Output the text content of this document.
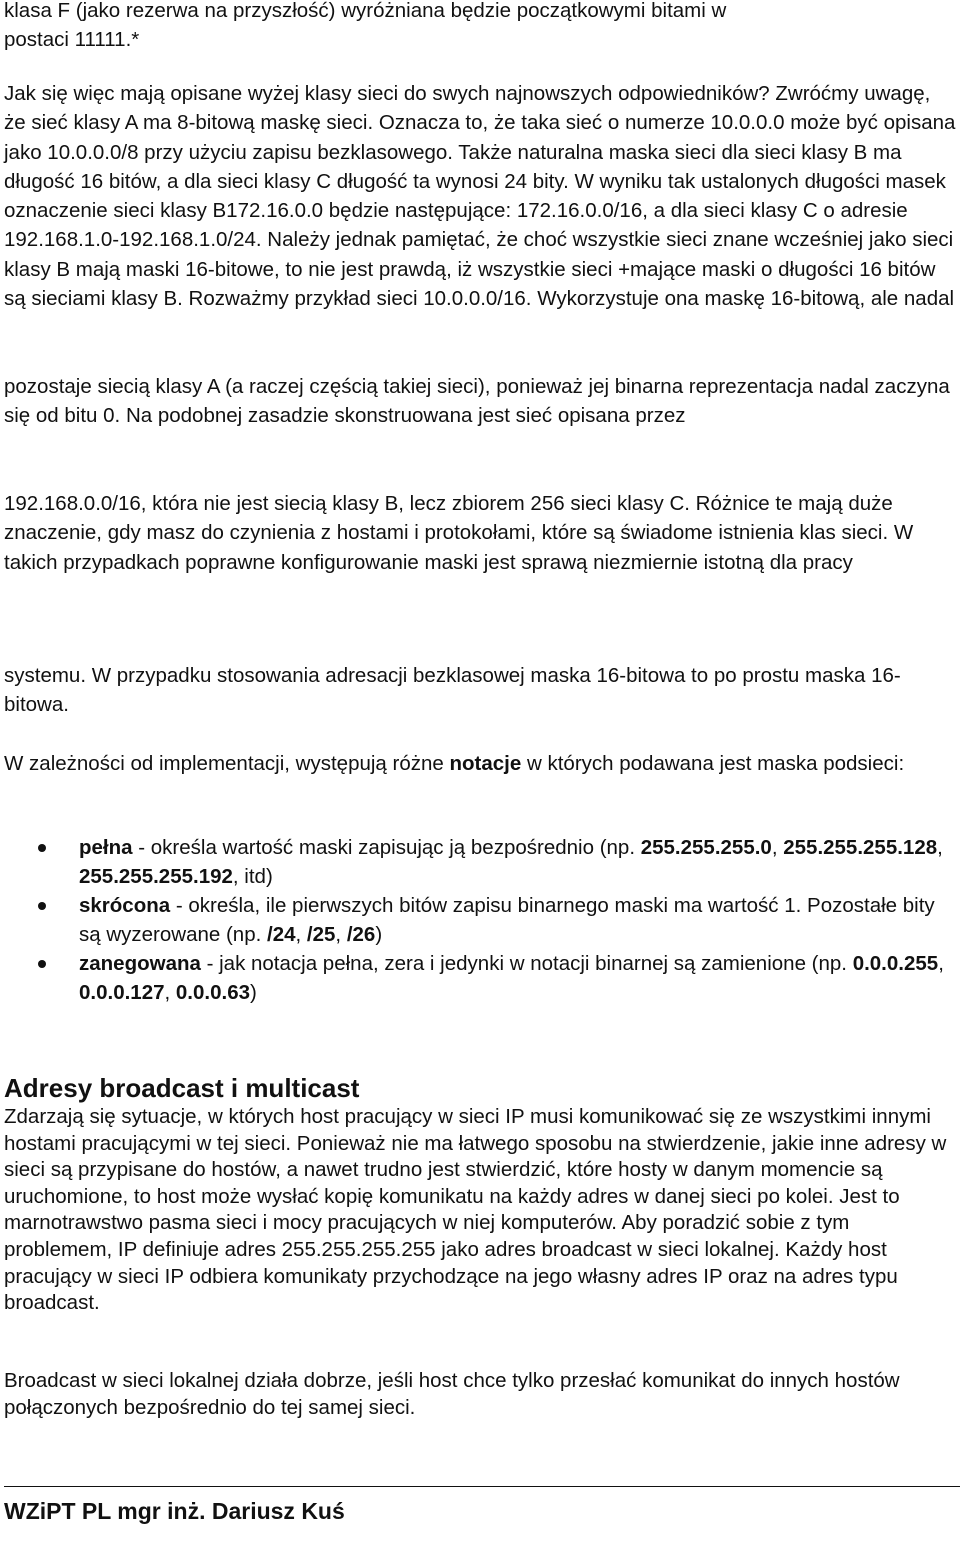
klasa F (jako rezerwa na przyszłość) wyróżniana będzie początkowymi bitami w
postaci 11111.*
Jak się więc mają opisane wyżej klasy sieci do swych najnowszych odpowiedników? Zwróćmy uwagę, że sieć klasy A ma 8-bitową maskę sieci. Oznacza to, że taka sieć o numerze 10.0.0.0 może być opisana jako 10.0.0.0/8 przy użyciu zapisu bezklasowego. Także naturalna maska sieci dla sieci klasy B ma długość 16 bitów, a dla sieci klasy C długość ta wynosi 24 bity. W wyniku tak ustalonych długości masek oznaczenie sieci klasy B172.16.0.0 będzie następujące: 172.16.0.0/16, a dla sieci klasy C o adresie 192.168.1.0-192.168.1.0/24. Należy jednak pamiętać, że choć wszystkie sieci znane wcześniej jako sieci klasy B mają maski 16-bitowe, to nie jest prawdą, iż wszystkie sieci +mające maski o długości 16 bitów są sieciami klasy B. Rozważmy przykład sieci 10.0.0.0/16. Wykorzystuje ona maskę 16-bitową, ale nadal
pozostaje siecią klasy A (a raczej częścią takiej sieci), ponieważ jej binarna reprezentacja nadal zaczyna się od bitu 0. Na podobnej zasadzie skonstruowana jest sieć opisana przez
192.168.0.0/16, która nie jest siecią klasy B, lecz zbiorem 256 sieci klasy C. Różnice te mają duże znaczenie, gdy masz do czynienia z hostami i protokołami, które są świadome istnienia klas sieci. W takich przypadkach poprawne konfigurowanie maski jest sprawą niezmiernie istotną dla pracy
systemu. W przypadku stosowania adresacji bezklasowej maska 16-bitowa to po prostu maska 16-bitowa.
W zależności od implementacji, występują różne notacje w których podawana jest maska podsieci:
pełna - określa wartość maski zapisując ją bezpośrednio (np. 255.255.255.0, 255.255.255.128, 255.255.255.192, itd)
skrócona - określa, ile pierwszych bitów zapisu binarnego maski ma wartość 1. Pozostałe bity są wyzerowane (np. /24, /25, /26)
zanegowana - jak notacja pełna, zera i jedynki w notacji binarnej są zamienione (np. 0.0.0.255, 0.0.0.127, 0.0.0.63)
Adresy broadcast i multicast
Zdarzają się sytuacje, w których host pracujący w sieci IP musi komunikować się ze wszystkimi innymi hostami pracującymi w tej sieci. Ponieważ nie ma łatwego sposobu na stwierdzenie, jakie inne adresy w sieci są przypisane do hostów, a nawet trudno jest stwierdzić, które hosty w danym momencie są uruchomione, to host może wysłać kopię komunikatu na każdy adres w danej sieci po kolei. Jest to marnotrawstwo pasma sieci i mocy pracujących w niej komputerów. Aby poradzić sobie z tym problemem, IP definiuje adres 255.255.255.255 jako adres broadcast w sieci lokalnej. Każdy host pracujący w sieci IP odbiera komunikaty przychodzące na jego własny adres IP oraz na adres typu broadcast.
Broadcast w sieci lokalnej działa dobrze, jeśli host chce tylko przesłać komunikat do innych hostów połączonych bezpośrednio do tej samej sieci.
WZiPT PL mgr inż. Dariusz Kuś
